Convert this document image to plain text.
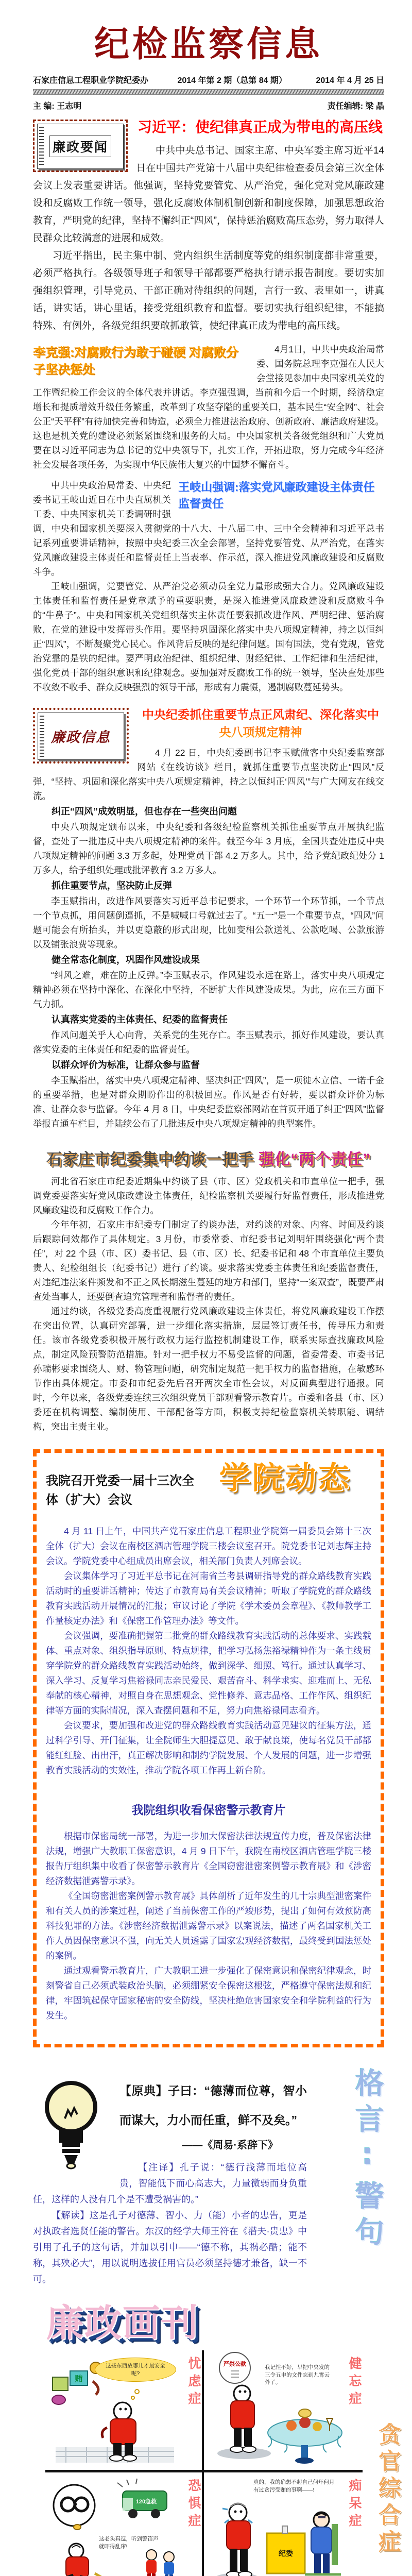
纪检监察信息
石家庄信息工程职业学院纪委办	2014 年第 2 期（总第 84 期）	2014 年 4 月 25 日
主 编: 王志明	责任编辑: 梁 晶
廉政要闻
习近平：使纪律真正成为带电的高压线

中共中央总书记、国家主席、中央军委主席习近平14日在中国共产党第十八届中央纪律检查委员会第三次全体会议上发表重要讲话。他强调，坚持党要管党、从严治党，强化党对党风廉政建设和反腐败工作统一领导，强化反腐败体制机制创新和制度保障，加强思想政治教育，严明党的纪律，坚持不懈纠正“四风”，保持惩治腐败高压态势，努力取得人民群众比较满意的进展和成效。

习近平指出，民主集中制、党内组织生活制度等党的组织制度都非常重要，必须严格执行。各级领导班子和领导干部都要严格执行请示报告制度。要切实加强组织管理，引导党员、干部正确对待组织的问题，言行一致、表里如一，讲真话，讲实话，讲心里话，接受党组织教育和监督。要切实执行组织纪律，不能搞特殊、有例外，各级党组织要敢抓敢管，使纪律真正成为带电的高压线。

李克强:对腐败行为敢于碰硬 对腐败分子坚决惩处

4月1日，中共中央政治局常委、国务院总理李克强在人民大会堂接见参加中央国家机关党的工作暨纪检工作会议的全体代表并讲话。李克强强调，当前和今后一个时期，经济稳定增长和提质增效升级任务繁重，改革到了攻坚夺隘的重要关口，基本民生“安全网”、社会公正“天平秤”有待加快完善和铸造，必须全力推进法治政府、创新政府、廉洁政府建设。这也是机关党的建设必须紧紧围绕和服务的大局。中央国家机关各级党组织和广大党员要在以习近平同志为总书记的党中央领导下，扎实工作，开拓进取，努力完成今年经济社会发展各项任务，为实现中华民族伟大复兴的中国梦不懈奋斗。

王岐山强调:落实党风廉政建设主体责任监督责任

中共中央政治局常委、中央纪委书记王岐山近日在中央直属机关工委、中央国家机关工委调研时强调，中央和国家机关要深入贯彻党的十八大、十八届二中、三中全会精神和习近平总书记系列重要讲话精神，按照中央纪委三次全会部署，坚持党要管党、从严治党，在落实党风廉政建设主体责任和监督责任上当表率、作示范，深入推进党风廉政建设和反腐败斗争。

王岐山强调，党要管党、从严治党必须动员全党力量形成强大合力。党风廉政建设主体责任和监督责任是党章赋予的重要职责，是深入推进党风廉政建设和反腐败斗争的“牛鼻子”。中央和国家机关党组织落实主体责任要狠抓改进作风、严明纪律、惩治腐败，在党的建设中发挥带头作用。要坚持巩固深化落实中央八项规定精神，持之以恒纠正“四风”，不断凝聚党心民心。作风背后反映的是纪律问题。国有国法，党有党规，管党治党靠的是铁的纪律。要严明政治纪律、组织纪律、财经纪律、工作纪律和生活纪律，强化党员干部的组织意识和纪律观念。要加强对反腐败工作的统一领导，坚决查处那些不收敛不收手、群众反映强烈的领导干部，形成有力震慑，遏制腐败蔓延势头。

廉政信息
中央纪委抓住重要节点正风肃纪、深化落实中央八项规定精神

4 月 22 日，中央纪委副书记李玉赋做客中央纪委监察部网站《在线访谈》栏目，就抓住重要节点坚决防止“四风”反弹，“坚持、巩固和深化落实中央八项规定精神，持之以恒纠正‘四风’”与广大网友在线交流。

纠正“四风”成效明显，但也存在一些突出问题

中央八项规定颁布以来，中央纪委和各级纪检监察机关抓住重要节点开展执纪监督，查处了一批违反中央八项规定精神的案件。截至今年 3 月底，全国共查处违反中央八项规定精神的问题 3.3 万多起，处理党员干部 4.2 万多人。其中，给予党纪政纪处分 1 万多人，给予组织处理或批评教育 3.2 万多人。

抓住重要节点，坚决防止反弹

李玉赋指出，改进作风要落实习近平总书记要求，一个环节一个环节抓，一个节点一个节点抓，用问题倒逼抓，不是喊喊口号就过去了。“五一”是一个重要节点，“四风”问题可能会有所抬头，并以更隐蔽的形式出现，比如变相公款送礼、公款吃喝、公款旅游以及铺张浪费等现象。

健全常态化制度，巩固作风建设成果

“纠风之难，难在防止反弹。”李玉赋表示，作风建设永远在路上，落实中央八项规定精神必须在坚持中深化、在深化中坚持，不断扩大作风建设成果。为此，应在三方面下气力抓。

认真落实党委的主体责任、纪委的监督责任

作风问题关乎人心向背，关系党的生死存亡。李玉赋表示，抓好作风建设，要认真落实党委的主体责任和纪委的监督责任。

以群众评价为标准，让群众参与监督

李玉赋指出，落实中央八项规定精神、坚决纠正“四风”，是一项徙木立信、一诺千金的重要举措，也是对群众期盼作出的积极回应。作风是否有好转，要以群众评价为标准、让群众参与监督。今年 4 月 8 日，中央纪委监察部网站在首页开通了纠正“四风”监督举报直通车栏目，并陆续公布了几批违反中央八项规定精神的典型案件。

石家庄市纪委集中约谈一把手 强化“两个责任”

河北省石家庄市纪委近期集中约谈了县（市、区）党政机关和市直单位一把手，强调党委要落实好党风廉政建设主体责任，纪检监察机关要履行好监督责任，形成推进党风廉政建设和反腐败工作合力。

今年年初，石家庄市纪委专门制定了约谈办法，对约谈的对象、内容、时间及约谈后跟踪问效都作了具体规定。3 月份，市委常委、市纪委书记刘明轩围绕强化“两个责任”，对 22 个县（市、区）委书记、县（市、区）长、纪委书记和 48 个市直单位主要负责人、纪检组组长（纪委书记）进行了约谈。要求落实党委主体责任和纪委监督责任，对违纪违法案件频发和不正之风长期滋生蔓延的地方和部门，坚持“一案双查”，既要严肃查处当事人，还要倒查追究管理者和监督者的责任。

通过约谈，各级党委高度重视履行党风廉政建设主体责任，将党风廉政建设工作摆在突出位置，认真研究部署，进一步细化落实措施，层层签订责任书，传导压力和责任。该市各级党委积极开展行政权力运行监控机制建设工作，联系实际查找廉政风险点，制定风险预警防范措施。针对一把手权力不易受监督的问题，省委常委、市委书记孙瑞彬要求围绕人、财、物管理问题，研究制定规范一把手权力的监督措施，在敏感环节作出具体规定。市委和市纪委先后召开两次全市性会议，对反面典型进行通报。同时，今年以来，各级党委连续三次组织党员干部观看警示教育片。市委和各县（市、区）委还在机构调整、编制使用、干部配备等方面，积极支持纪检监察机关转职能、调结构，突出主责主业。

我院召开党委一届十三次全体（扩大）会议
学院动态

4 月 11 日上午，中国共产党石家庄信息工程职业学院第一届委员会第十三次全体（扩大）会议在南校区酒店管理学院三楼会议室召开。院党委书记刘志辉主持会议。学院党委中心组成员出席会议，相关部门负责人列席会议。

会议集体学习了习近平总书记在河南省兰考县调研指导党的群众路线教育实践活动时的重要讲话精神；传达了市教育局有关会议精神；听取了学院党的群众路线教育实践活动开展情况的汇报；审议讨论了学院《学术委员会章程》、《教师教学工作量核定办法》和《保密工作管理办法》等文件。

会议强调，要准确把握第二批党的群众路线教育实践活动的总体要求、实践载体、重点对象、组织指导原则、特点规律，把学习弘扬焦裕禄精神作为一条主线贯穿学院党的群众路线教育实践活动始终，做到深学、细照、笃行。通过认真学习、深入学习、反复学习焦裕禄同志亲民爱民、艰苦奋斗、科学求实、迎难而上、无私奉献的核心精神，对照自身在思想观念、党性修养、意志品格、工作作风、组织纪律等方面的实际情况，深入查摆问题和不足，努力向焦裕禄同志看齐。

会议要求，要加强和改进党的群众路线教育实践活动意见建议的征集方法，通过科学引导、开门征集，让全院师生大胆提意见、敢于献良策，使每名党员干部都能红红脸、出出汗，真正解决影响和制约学院发展、个人发展的问题，进一步增强教育实践活动的实效性，推动学院各项工作再上新台阶。

我院组织收看保密警示教育片

根据市保密局统一部署，为进一步加大保密法律法规宣传力度，普及保密法律法规，增强广大教职工保密意识，4 月 9 日下午，我院在南校区酒店管理学院三楼报告厅组织集中收看了保密警示教育片《全国窃密泄密案例警示教育展》和《涉密经济数据泄露警示录》。

《全国窃密泄密案例警示教育展》具体剖析了近年发生的几十宗典型泄密案件和有关人员的涉案过程，阐述了当前保密工作的严竣形势，提出了如何有效预防高科技犯罪的方法。《涉密经济数据泄露警示录》以案说法，描述了两名国家机关工作人员因保密意识不强，向无关人员透露了国家宏观经济数据，最终受到国法惩处的案例。

通过观看警示教育片，广大教职工进一步强化了保密意识和保密纪律观念，时刻警省自己必须武装政治头脑，必须绷紧安全保密这根弦，严格遵守保密法规和纪律，牢固筑起保守国家秘密的安全防线，坚决杜绝危害国家安全和学院利益的行为发生。

格言∶警句
【原典】子曰：“德薄而位尊，智小而谋大，力小而任重，鲜不及矣。”
——《周易·系辞下》

【注译】孔子说：“德行浅薄而地位高贵，智能低下而心高志大，力量微弱而身负重任，这样的人没有几个是不遭受祸害的。”

【解读】这是孔子对德薄、智小、力（能）小者的忠告，更是对执政者选贤任能的警告。东汉的经学大师王符在《潜夫·贵忠》中引用了孔子的这句话，并加以引申——“德不称，其祸必酷；能不称，其殃必大”，用以说明选拔任用官员必须坚持德才兼备，缺一不可。

廉政画刊
贪官综合症
贿
这些东西放哪儿才最安全呢?	忧虑症	严禁公款	我记性不好，早把中央发的三令五申的文件忘到九霄云外了。	健忘症
120急救
这老头真逗，听到警笛声就吓得乱窜!
恐惧症
纪委
真的，我的确想不起自己何年何月有过贪污受贿的事啊——!	痴呆症
